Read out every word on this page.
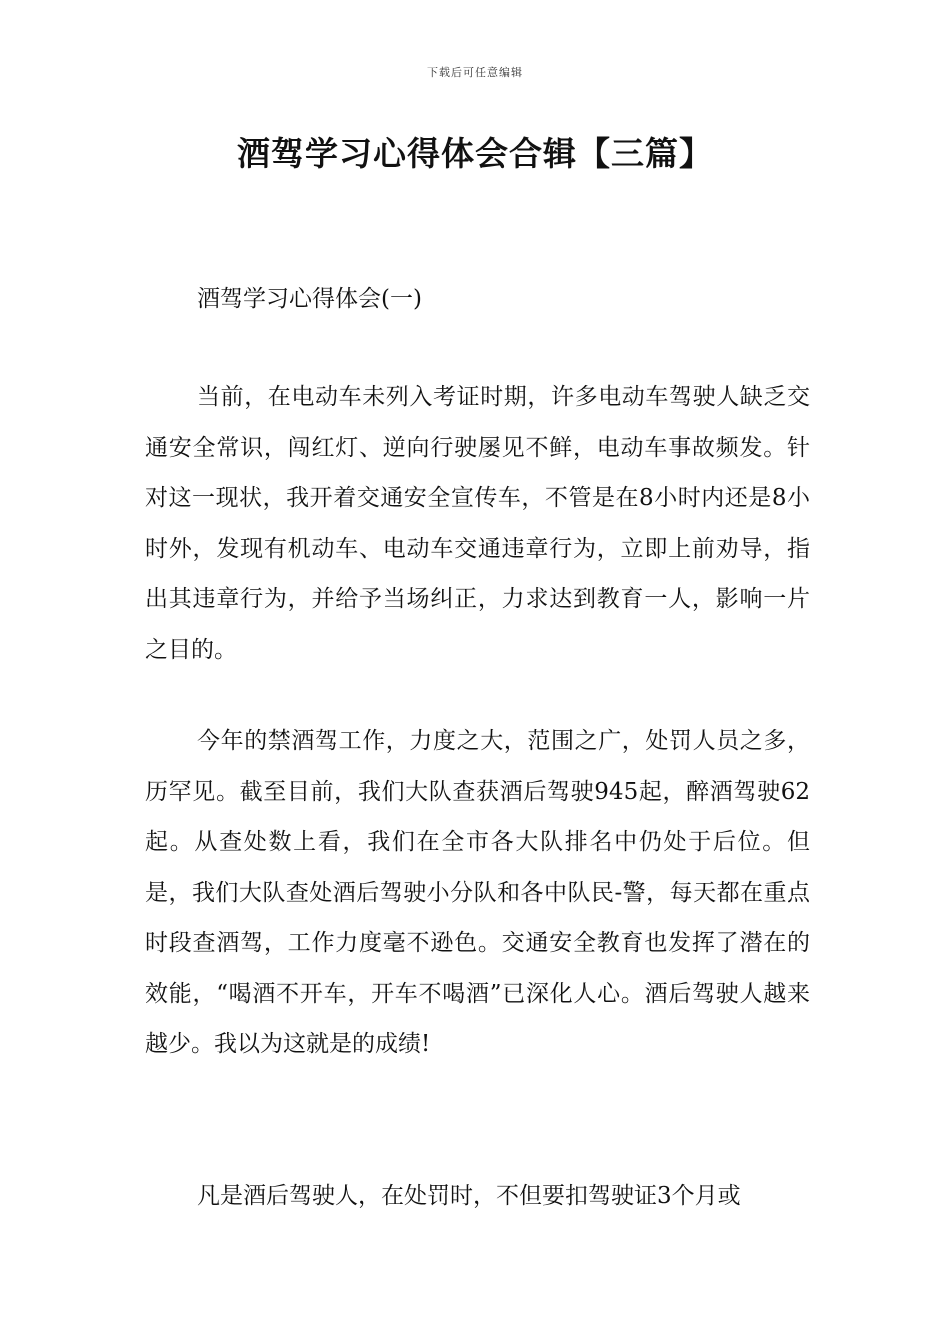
下载后可任意编辑
酒驾学习心得体会合辑【三篇】

酒驾学习心得体会(一)

当前，在电动车未列入考证时期，许多电动车驾驶人缺乏交通安全常识，闯红灯、逆向行驶屡见不鲜，电动车事故频发。针对这一现状，我开着交通安全宣传车，不管是在8小时内还是8小时外，发现有机动车、电动车交通违章行为，立即上前劝导，指出其违章行为，并给予当场纠正，力求达到教育一人，影响一片之目的。

今年的禁酒驾工作，力度之大，范围之广，处罚人员之多，历罕见。截至目前，我们大队查获酒后驾驶945起，醉酒驾驶62起。从查处数上看，我们在全市各大队排名中仍处于后位。但是，我们大队查处酒后驾驶小分队和各中队民-警，每天都在重点时段查酒驾，工作力度毫不逊色。交通安全教育也发挥了潜在的效能，“喝酒不开车，开车不喝酒”已深化人心。酒后驾驶人越来越少。我以为这就是的成绩!

凡是酒后驾驶人，在处罚时，不但要扣驾驶证3个月或
